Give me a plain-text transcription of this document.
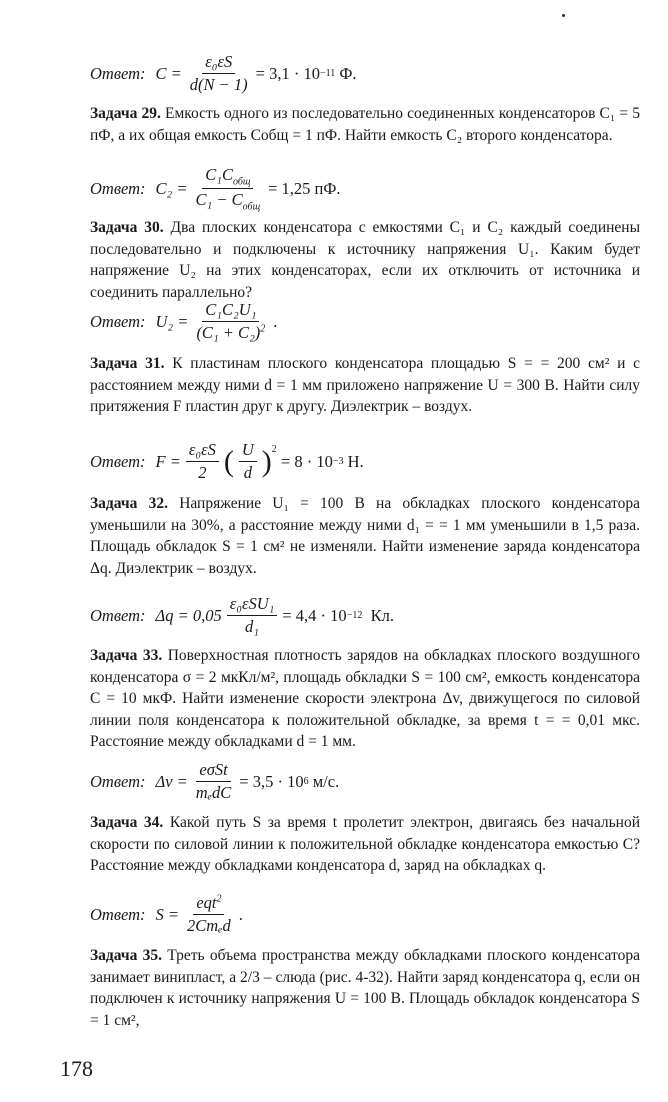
Ответ: $C = \frac{\text{ε₀εS}}{d(N - 1)} = 3,1 \cdot 10 -11$
Ф.
Задача 29. Емкость одного из последовательно соединенных конденсаторов C₁ = 5 пФ, а их общая емкость Cобщ = 1 пФ. Найти емкость C₂ второго конденсатора.
Ответ: $C_2 = \frac{C_1C_{общ}}{C_1 - C_{общ}} = 1,25$ пФ.
Задача 30. Два плоских конденсатора с емкостями C₁ и C₂ каждый соединены последовательно и подключены к источнику напряжения U₁. Каким будет напряжение U₂ на этих конденсаторах, если их отключить от источника и соединить параллельно?
Ответ: $U_2 = \frac{\text{C₁C₂U₁}}{(C_1 + C_2)^2}$ .
Задача 31. К пластинам плоского конденсатора площадью S = = 200 см² и с расстоянием между ними d = 1 мм приложено напряжение U = 300 В. Найти силу притяжения F пластин друг к другу. Диэлектрик – воздух.
Ответ: $F = \frac{\text{ε₀εS}}{2}$ ( $\frac{U}{d} )^2$

= 8 · 10 −3
Н.
Задача 32. Напряжение U₁ = 100 В на обкладках плоского конденсатора уменьшили на 30%, а расстояние между ними d₁ = = 1 мм уменьшили в 1,5 раза. Площадь обкладок S = 1 см² не изменяли. Найти изменение заряда конденсатора Δq. Диэлектрик – воздух.
Ответ: $\Delta q = 0,05 \frac{\text{ε₀εSU₁}}{\text{d₁}} = 4,4 \cdot 10 -12$
Кл.
Задача 33. Поверхностная плотность зарядов на обкладках плоского воздушного конденсатора σ = 2 мкКл/м², площадь обкладки S = 100 см², емкость конденсатора C = 10 мкФ. Найти изменение скорости электрона Δv, движущегося по силовой линии поля конденсатора к положительной обкладке, за время t = = 0,01 мкс. Расстояние между обкладками d = 1 мм.
Ответ: $\Delta v = \frac{\text{eσSt}}{\text{mₑdC}} = 3,5 \cdot 10$ 6
м/с.
Задача 34. Какой путь S за время t пролетит электрон, двигаясь без начальной скорости по силовой линии к положительной обкладке конденсатора емкостью C? Расстояние между обкладками конденсатора d, заряд на обкладках q.
Ответ: $S = \frac{eqt^2}{\text{2Cmₑd}}$ .
Задача 35. Треть объема пространства между обкладками плоского конденсатора занимает винипласт, а 2/3 – слюда (рис. 4-32). Найти заряд конденсатора q, если он подключен к источнику напряжения U = 100 В. Площадь обкладок конденсатора S = 1 см²,
178
